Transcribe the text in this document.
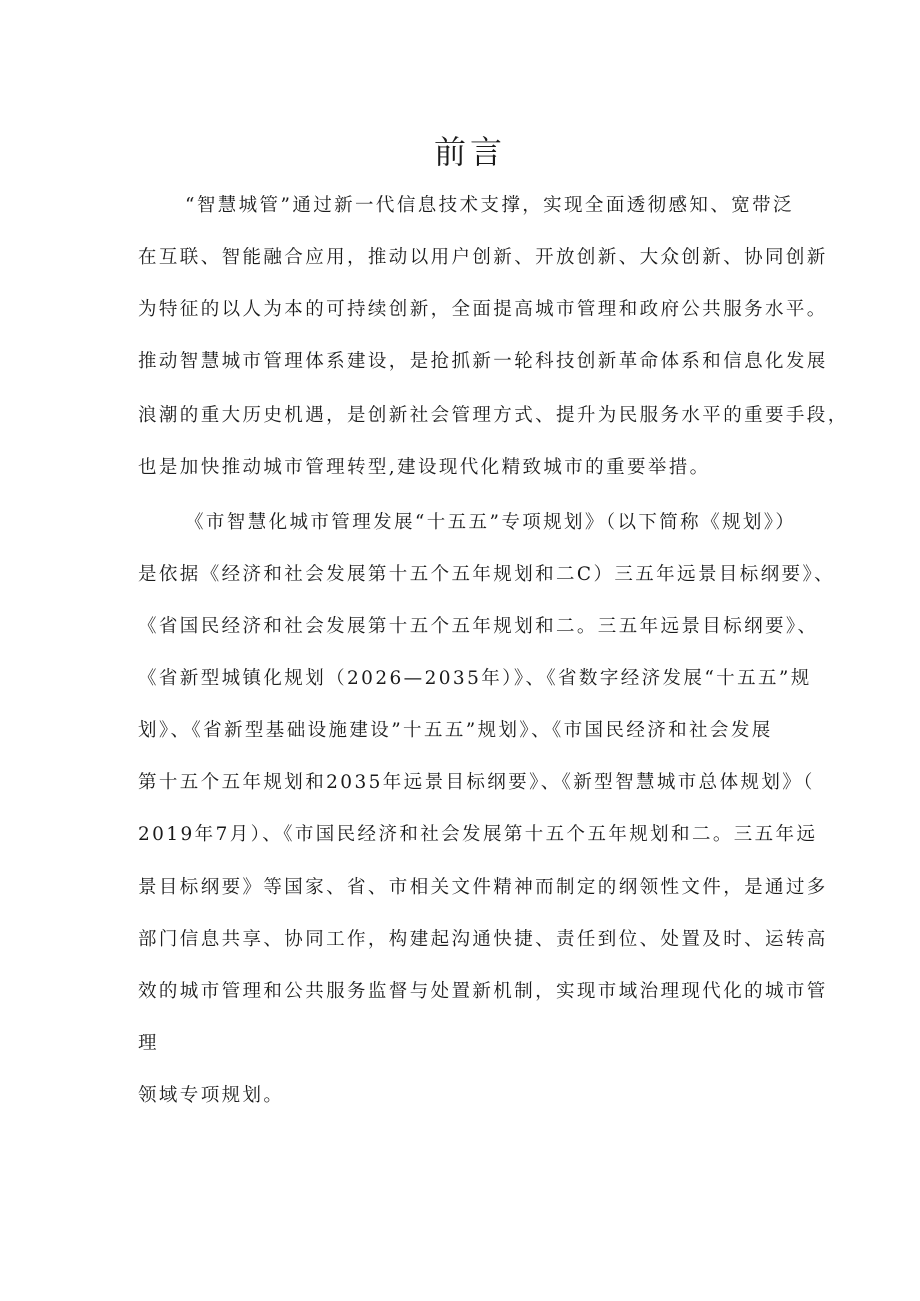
前言
“智慧城管”通过新一代信息技术支撑，实现全面透彻感知、宽带泛
在互联、智能融合应用，推动以用户创新、开放创新、大众创新、协同创新
为特征的以人为本的可持续创新，全面提高城市管理和政府公共服务水平。
推动智慧城市管理体系建设，是抢抓新一轮科技创新革命体系和信息化发展
浪潮的重大历史机遇，是创新社会管理方式、提升为民服务水平的重要手段，
也是加快推动城市管理转型,建设现代化精致城市的重要举措。
《市智慧化城市管理发展“十五五”专项规划》（以下简称《规划》）
是依据《经济和社会发展第十五个五年规划和二C）三五年远景目标纲要》、
《省国民经济和社会发展第十五个五年规划和二。三五年远景目标纲要》、
《省新型城镇化规划（2026—2035年）》、《省数字经济发展“十五五”规
划》、《省新型基础设施建设”十五五”规划》、《市国民经济和社会发展
第十五个五年规划和2035年远景目标纲要》、《新型智慧城市总体规划》（
2019年7月）、《市国民经济和社会发展第十五个五年规划和二。三五年远
景目标纲要》等国家、省、市相关文件精神而制定的纲领性文件，是通过多
部门信息共享、协同工作，构建起沟通快捷、责任到位、处置及时、运转高
效的城市管理和公共服务监督与处置新机制，实现市域治理现代化的城市管
理
领域专项规划。
